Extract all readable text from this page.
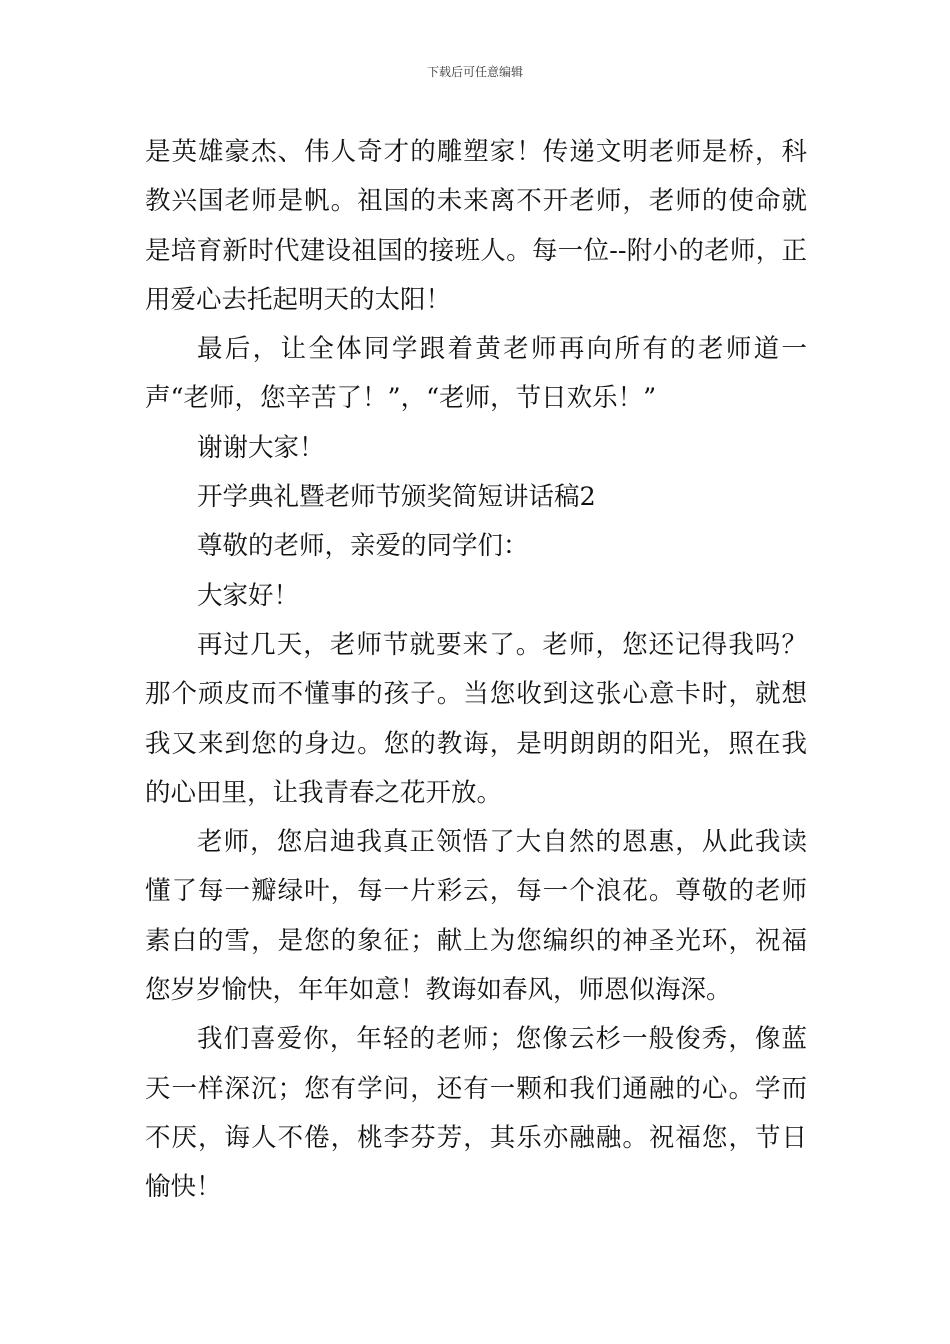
下载后可任意编辑

是英雄豪杰、伟人奇才的雕塑家！传递文明老师是桥，科教兴国老师是帆。祖国的未来离不开老师，老师的使命就是培育新时代建设祖国的接班人。每一位--附小的老师，正用爱心去托起明天的太阳！

最后，让全体同学跟着黄老师再向所有的老师道一声“老师，您辛苦了！”，“老师，节日欢乐！”

谢谢大家！

开学典礼暨老师节颁奖简短讲话稿2

尊敬的老师，亲爱的同学们：

大家好！

再过几天，老师节就要来了。老师，您还记得我吗？那个顽皮而不懂事的孩子。当您收到这张心意卡时，就想我又来到您的身边。您的教诲，是明朗朗的阳光，照在我的心田里，让我青春之花开放。

老师，您启迪我真正领悟了大自然的恩惠，从此我读懂了每一瓣绿叶，每一片彩云，每一个浪花。尊敬的老师素白的雪，是您的象征；献上为您编织的神圣光环，祝福您岁岁愉快，年年如意！教诲如春风，师恩似海深。

我们喜爱你，年轻的老师；您像云杉一般俊秀，像蓝天一样深沉；您有学问，还有一颗和我们通融的心。学而不厌，诲人不倦，桃李芬芳，其乐亦融融。祝福您，节日愉快！
